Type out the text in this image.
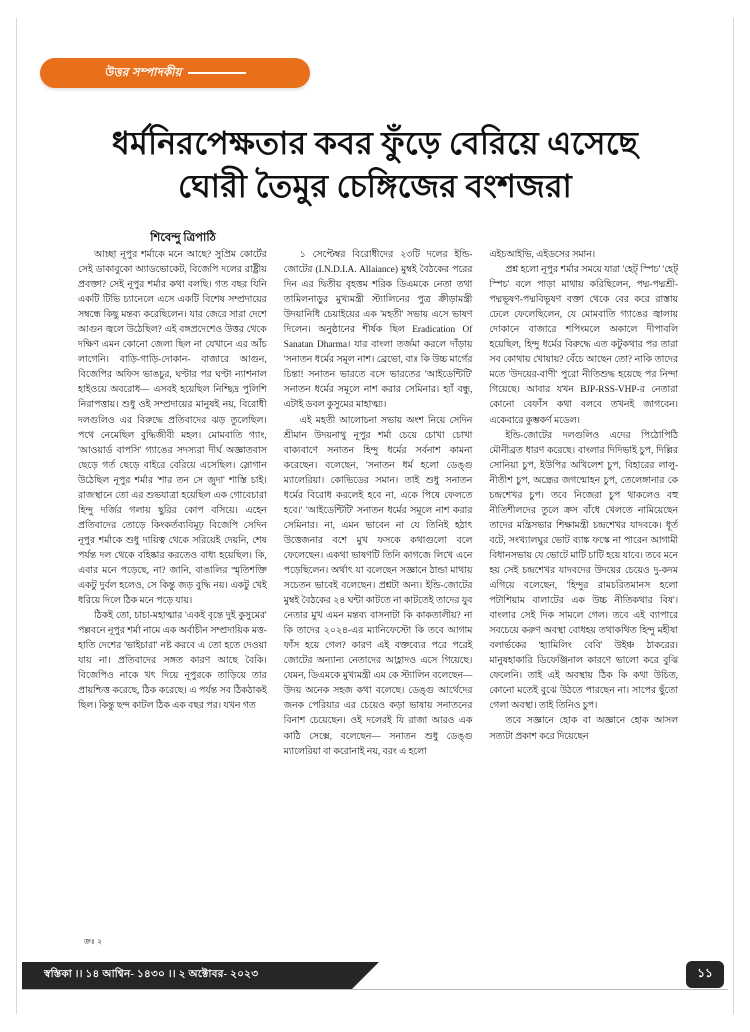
উত্তর সম্পাদকীয়
ধর্মনিরপেক্ষতার কবর ফুঁড়ে বেরিয়ে এসেছে
ঘোরী তৈমুর চেঙ্গিজের বংশজরা
শিবেন্দু ত্রিপাঠি

আচ্ছা নূপুর শর্মাকে মনে আছে? সুপ্রিম কোর্টের সেই ডাকাবুকো অ্যাডভোকেট, বিজেপি দলের রাষ্ট্রীয় প্রবক্তা? সেই নূপুর শর্মার কথা বলছি। গত বছর যিনি একটি টিভি চ্যানেলে এসে একটি বিশেষ সম্প্রদায়ের সম্বন্ধে কিছু মন্তব্য করেছিলেন। যার জেরে সারা দেশে আগুন জ্বলে উঠেছিল? এই বঙ্গপ্রদেশেও উত্তর থেকে দক্ষিণ এমন কোনো জেলা ছিল না যেখানে এর আঁচ লাগেনি। বাড়ি-গাড়ি-দোকান- বাজারে আগুন, বিজেপির অফিস ভাঙচুর, ঘণ্টার পর ঘণ্টা ন্যাশনাল হাইওয়ে অবরোধ— এসবই হয়েছিল নিশ্ছিদ্র পুলিশি নিরাপত্তায়। শুধু ওই সম্প্রদায়ের মানুষই নয়, বিরোধী দলগুলিও এর বিরুদ্ধে প্রতিবাদের ঝড় তুলেছিল। পথে নেমেছিল বুদ্ধিজীবী মহল। মোমবাতি গ্যাং, 'আওয়ার্ড বাপসি' গ্যাঙের সদস্যরা দীর্ঘ অজ্ঞাতবাস ছেড়ে গর্ত ছেড়ে বাইরে বেরিয়ে এসেছিল। স্লোগান উঠেছিল নূপুর শর্মার 'শার তন সে জুদা' শাস্তি চাই। রাজস্থানে তো এর শুভযাত্রা হয়েছিল এক গোবেচারা হিন্দু দর্জির গলায় ছুরির কোপ বসিয়ে। এহেন প্রতিবাদের তোড়ে কিংকর্তব্যবিমূঢ় বিজেপি সেদিন নূপুর শর্মাকে শুধু দায়িত্ব থেকে সরিয়েই দেয়নি, শেষ পর্যন্ত দল থেকে বহিষ্কার করতেও বাধ্য হয়েছিল। কি, এবার মনে পড়েছে, না? জানি, বাঙালির স্মৃতিশক্তি একটু দুর্বল হলেও, সে কিন্তু জড় বুদ্ধি নয়। একটু খেই ধরিয়ে দিলে ঠিক মনে পড়ে যায়।

ঠিকই তো, চাচা-মহাত্মার 'একই বৃন্তে দুই কুসুমের' পল্লবনে নূপুর শর্মা নামে এক অর্বাচীন সম্প্রদায়িক মত্ত-হাতি দেশের 'ভাইচারা' নষ্ট করবে এ তো হতে দেওয়া যায় না। প্রতিবাদের সঙ্গত কারণ আছে বৈকি। বিজেপিও নাকে খৎ দিয়ে নূপুরকে তাড়িয়ে তার প্রায়শ্চিত্ত করেছে, ঠিক করেছে। এ পর্যন্ত সব ঠিকঠাকই ছিল। কিন্তু ছন্দ কাটল ঠিক এক বছর পর। যখন গত

১ সেপ্টেম্বর বিরোধীদের ২৩টি দলের ইন্ডি-জোটের (I.N.D.I.A. Allaiance) মুম্বই বৈঠকের পরের দিন এর দ্বিতীয় বৃহত্তম শরিক ডিএমকে নেতা তথা তামিলনাড়ুর মুখ্যমন্ত্রী স্ট্যালিনের পুত্র ক্রীড়ামন্ত্রী উদয়ানিধি চেয়াইয়ের এক 'মহতী' সভায় এসে ভাষণ দিলেন। অনুষ্ঠানের শীর্ষক ছিল Eradication Of Sanatan Dharma। যার বাংলা তর্জমা করলে দাঁড়ায় 'সনাতন ধর্মের সমূল নাশ। ব্রেভো, বাঃ কি উচ্চ মার্গের চিন্তা! সনাতন ভারতে বসে ভারতের 'আইডেন্টিটি' সনাতন ধর্মের সমূলে নাশ করার সেমিনার। হ্যাঁ বন্ধু, এটাই ডবল কুসুমের মাহাত্ম্য।

এই মহতী আলোচনা সভায় অংশ নিয়ে সেদিন শ্রীমান উদয়নাথু নূপুর শর্মা চেয়ে চোখা চোখা বাক্যবাণে সনাতন হিন্দু ধর্মের সর্বনাশ কামনা করেছেন। বলেছেন, 'সনাতন ধর্ম হলো ডেঙ্গু ম্যালেরিয়া। কোভিডের সমান। তাই শুধু সনাতন ধর্মের বিরোধ করলেই হবে না, একে পিষে ফেলতে হবে।' 'আইডেন্টিটি' সনাতন ধর্মের সমূলে নাশ করার সেমিনার। না, এমন ভাবেন না যে তিনিই হঠাৎ উত্তেজনার বশে মুখ ফসকে কথাগুলো বলে ফেলেছেন। একথা ভাষণটি তিনি কাগজে লিখে এনে পড়েছিলেন। অর্থাৎ যা বলেছেন সজ্ঞানে ঠান্ডা মাথায় সচেতন ভাবেই বলেছেন। প্রশ্নটা অন্য। ইন্ডি-জোটের মুম্বই বৈঠকের ২৪ ঘন্টা কাটতে না কাটতেই তাদের যুব নেতার মুখ এমন মন্তব্য বাসনাটা কি কাকতালীয়? না কি তাদের ২০২৪-এর ম্যানিফেস্টো কি তবে আগাম ফাঁস হয়ে গেল? কারণ এই বক্তব্যের পরে পরেই জোটের অন্যান্য নেতাদের আহ্লাদও এসে গিয়েছে। যেমন, ডিএমকে মুখ্যমন্ত্রী এম কে স্ট্যালিন বলেছেন— উদয় অনেক সহজ কথা বলেছে। ডেঙ্গু আর্থেদের জনক পেরিয়ার এর চেয়েও কড়া ভাষায় সনাতনের বিনাশ চেয়েছেন। ওই দলেরই যি রাজা আরও এক কাঠি সেক্সে, বলেছেন— সনাতন শুধু ডেঙ্গু ম্যালেরিয়া বা করোনাই নয়, বরং এ হলো

এইচআইভি, এইডসের সমান।

প্রশ্ন হলো নূপুর শর্মার সময়ে যারা 'হেট্ স্পিচ' 'হেট্ স্পিচ' বলে পাড়া মাথায় করিছিলেন, পদ্ম-পদ্মশ্রী-পদ্মভূষণ-পদ্মবিভূষণ বক্তা থেকে বের করে রাস্তায় ঢেলে ফেলেছিলেন, যে মোমবাতি গ্যাঙের জ্বালায় দোকানে বাজারে শপিংমলে অকালে দীপাবলি হয়েছিল, হিন্দু ধর্মের বিরুদ্ধে এত কটুকথার পর তারা সব কোথায় খোয়ায়? বেঁচে আছেন তো? নাকি তাদের মতে 'উদয়ের-বাণী' পুরো নীতিশুদ্ধ হয়েছে পর নিন্দা গিয়েছে। আবার যখন BJP-RSS-VHP-র নেতারা কোনো বেফাঁস কথা বলবে তখনই জাগবেন। একেবারে কুম্ভকর্ণ মডেল।

ইন্ডি-জোটের দলগুলিও এদের পিঠোপিঠি মৌনীব্রত ধারণ করেছে। বাংলার দিদিভাই চুপ, দিল্লির সোনিয়া চুপ, ইউপির অখিলেশ চুপ, বিহারের লালু-নীতীশ চুপ, অন্ধ্রের জগন্মোহন চুপ, তেলেঙ্গানার কে চন্দ্রশেখর চুপ। তবে নিজেরা চুপ থাকলেও বহু নীতিশীলদের তুলে ক্রস বাঁধে খেলতে নামিয়েছেন তাদের মন্ত্রিসভার শিক্ষামন্ত্রী চন্দ্রশেখর যাদবকে। ধূর্ত বটে, সংখ্যালঘুর ভোট ব্যাঙ্ক ফস্কে না পারেন আগামী বিধানসভায় যে ভোটে মাটি চাটি হয়ে যাবে। তবে মনে হয় সেই চন্দ্রশেখর যাদবদের উদয়ের চেয়েও দু-কদম এগিয়ে বলেছেন, 'হিন্দুর রামচরিতমানস হলো পটাশিয়াম বালাটের এক উচ্চ নীতিকথার বিষ'। বাংলার সেই দিক সামলে গেল। তবে এই ব্যাপারে সবচেয়ে করুণ অবস্থা বোধহয় তথাকথিত হিন্দু মহীষা বলার্ভকের 'হ্যামিলিং বেবি' উইঞ্চ ঠাকরের। মানুষহাকারি ডিফেঞ্জিনাল কারণে ভালো করে বুঝি ফেলেনি। তাই এই অবস্থায় ঠিক কি কথা উচিত, কোনো মতেই বুঝে উঠতে পারছেন না। সাপের ছুঁতো গেলা অবস্থা। তাই তিনিও চুপ।

তবে সজ্ঞানে হোক বা অজ্ঞানে হোক আসল সত্যটা প্রকাশ করে দিয়েছেন

ক্রঃ ২
স্বস্তিকা ।। ১৪ আশ্বিন- ১৪৩০ ।। ২ অক্টোবর- ২০২৩	১১
